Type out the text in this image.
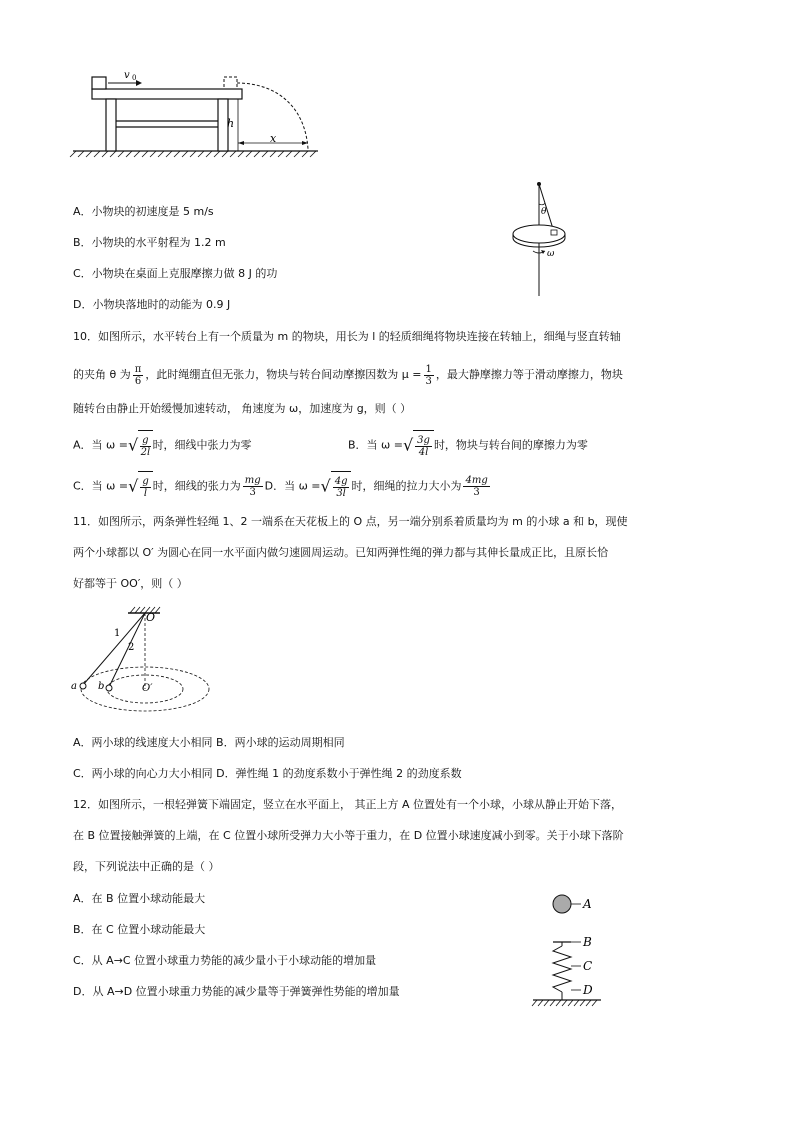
v 0
h
x
A．小物块的初速度是 5 m/s
B．小物块的水平射程为 1.2 m
C．小物块在桌面上克服摩擦力做 8 J 的功
D．小物块落地时的动能为 0.9 J
θ
ω
10．如图所示，水平转台上有一个质量为 m 的物块，用长为 l 的轻质细绳将物块连接在转轴上，细绳与竖直转轴
的夹角 θ 为 $\frac{\pi}{6}$ ，此时绳绷直但无张力，物块与转台间动摩擦因数为 $\mu = \frac{1}{3}$ ，最大静摩擦力等于滑动摩擦力，物块
随转台由静止开始缓慢加速转动， 角速度为 ω，加速度为 g，则（ ）
A．当 ω =√ $\frac{g}{2l}$ 时，细线中张力为零	B．当 ω =√ $\frac{3g}{4l}$ 时，物块与转台间的摩擦力为零
C．当 ω =√ $\frac{g}{l}$ 时，细线的张力为 $\frac{mg}{3}$ D．当 ω =√ $\frac{4g}{3l}$ 时，细绳的拉力大小为 $\frac{4mg}{3}$
11．如图所示，两条弹性轻绳 1、2 一端系在天花板上的 O 点，另一端分别系着质量均为 m 的小球 a 和 b，现使
两个小球都以 O′ 为圆心在同一水平面内做匀速圆周运动。已知两弹性绳的弹力都与其伸长量成正比，且原长恰
好都等于 OO′，则（ ）
O
1
2
a b	O′
A．两小球的线速度大小相同 B．两小球的运动周期相同
C．两小球的向心力大小相同 D．弹性绳 1 的劲度系数小于弹性绳 2 的劲度系数
12．如图所示，一根轻弹簧下端固定，竖立在水平面上， 其正上方 A 位置处有一个小球，小球从静止开始下落，
在 B 位置接触弹簧的上端，在 C 位置小球所受弹力大小等于重力，在 D 位置小球速度减小到零。关于小球下落阶
段，下列说法中正确的是（ ）
A．在 B 位置小球动能最大
B．在 C 位置小球动能最大
C．从 A→C 位置小球重力势能的减少量小于小球动能的增加量
D．从 A→D 位置小球重力势能的减少量等于弹簧弹性势能的增加量
A
B
C
D
